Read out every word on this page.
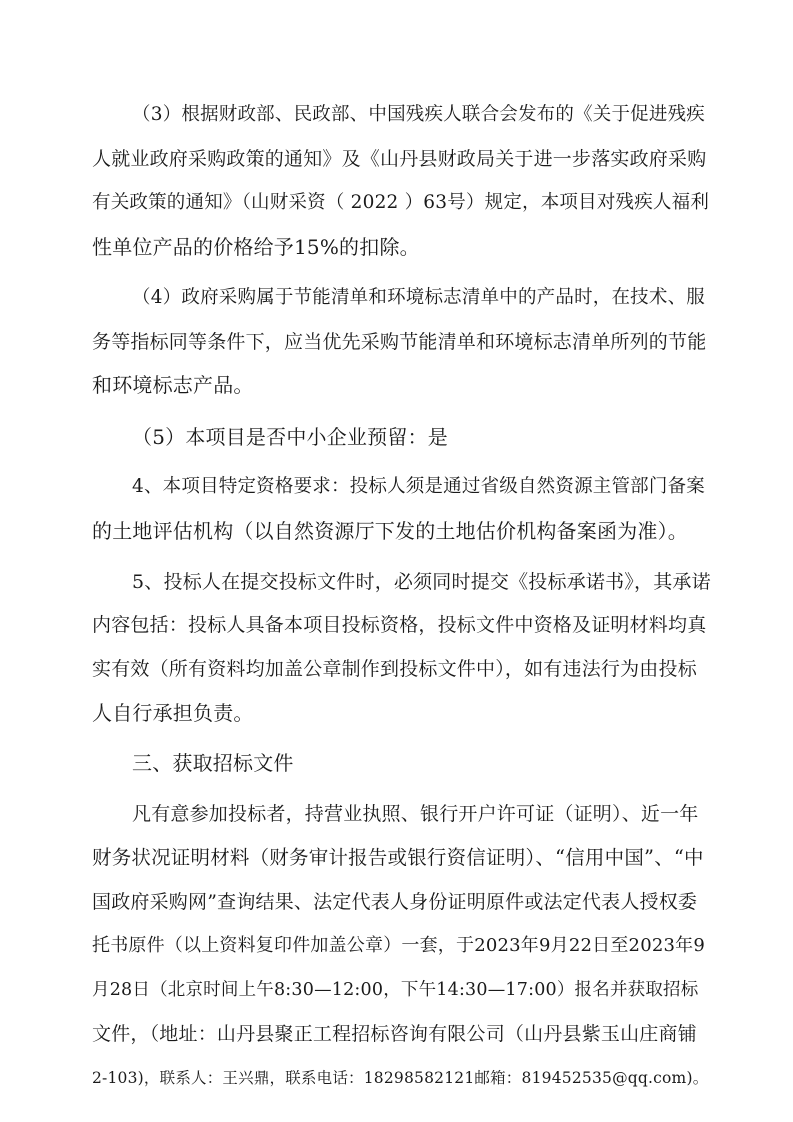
（3）根据财政部、民政部、中国残疾人联合会发布的《关于促进残疾
人就业政府采购政策的通知》及《山丹县财政局关于进一步落实政府采购
有关政策的通知》（山财采资（ 2022 ）63号）规定，本项目对残疾人福利
性单位产品的价格给予15%的扣除。
（4）政府采购属于节能清单和环境标志清单中的产品时，在技术、服
务等指标同等条件下，应当优先采购节能清单和环境标志清单所列的节能
和环境标志产品。
（5）本项目是否中小企业预留：是
4、本项目特定资格要求：投标人须是通过省级自然资源主管部门备案
的土地评估机构（以自然资源厅下发的土地估价机构备案函为准）。
5、投标人在提交投标文件时，必须同时提交《投标承诺书》，其承诺
内容包括：投标人具备本项目投标资格，投标文件中资格及证明材料均真
实有效（所有资料均加盖公章制作到投标文件中），如有违法行为由投标
人自行承担负责。
三、获取招标文件
凡有意参加投标者，持营业执照、银行开户许可证（证明）、近一年
财务状况证明材料（财务审计报告或银行资信证明）、“信用中国”、“中
国政府采购网”查询结果、法定代表人身份证明原件或法定代表人授权委
托书原件（以上资料复印件加盖公章）一套，于2023年9月22日至2023年9
月28日（北京时间上午8:30—12:00，下午14:30—17:00）报名并获取招标
文件，（地址：山丹县聚正工程招标咨询有限公司（山丹县紫玉山庄商铺
2-103)，联系人：王兴鼎，联系电话：18298582121邮箱：819452535@qq.com)。
